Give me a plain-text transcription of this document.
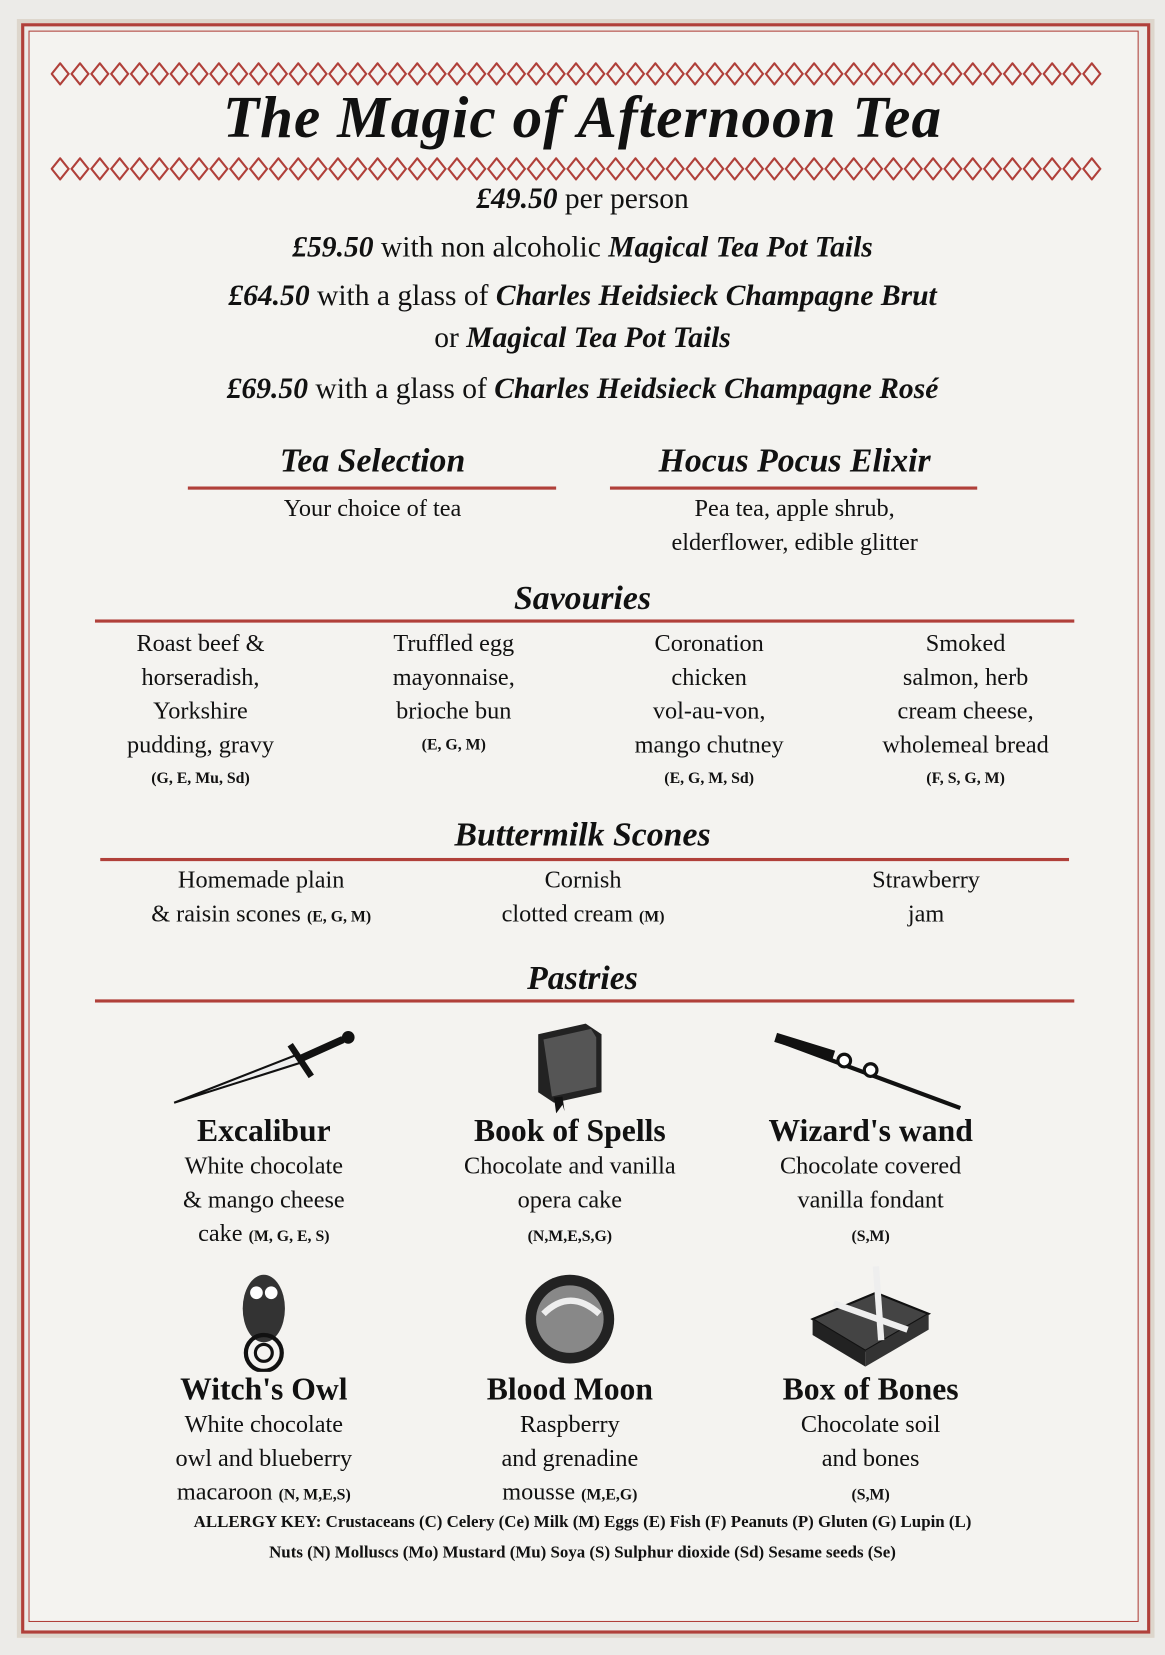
The Magic of Afternoon Tea
£49.50 per person
£59.50 with non alcoholic Magical Tea Pot Tails
£64.50 with a glass of Charles Heidsieck Champagne Brut
or Magical Tea Pot Tails
£69.50 with a glass of Charles Heidsieck Champagne Rosé
Tea Selection
Your choice of tea
Hocus Pocus Elixir
Pea tea, apple shrub,
elderflower, edible glitter
Savouries
Roast beef &
horseradish,
Yorkshire
pudding, gravy
(G, E, Mu, Sd)
Truffled egg
mayonnaise,
brioche bun
(E, G, M)
Coronation
chicken
vol-au-von,
mango chutney
(E, G, M, Sd)
Smoked
salmon, herb
cream cheese,
wholemeal bread
(F, S, G, M)
Buttermilk Scones
Homemade plain
& raisin scones (E, G, M)
Cornish
clotted cream (M)
Strawberry
jam
Pastries
Excalibur
White chocolate
& mango cheese
cake (M, G, E, S)
Book of Spells
Chocolate and vanilla
opera cake
(N,M,E,S,G)
Wizard's wand
Chocolate covered
vanilla fondant
(S,M)
Witch's Owl
White chocolate
owl and blueberry
macaroon (N, M,E,S)
Blood Moon
Raspberry
and grenadine
mousse (M,E,G)
Box of Bones
Chocolate soil
and bones
(S,M)
ALLERGY KEY: Crustaceans (C) Celery (Ce) Milk (M) Eggs (E) Fish (F) Peanuts (P) Gluten (G) Lupin (L)
Nuts (N) Molluscs (Mo) Mustard (Mu) Soya (S) Sulphur dioxide (Sd) Sesame seeds (Se)
